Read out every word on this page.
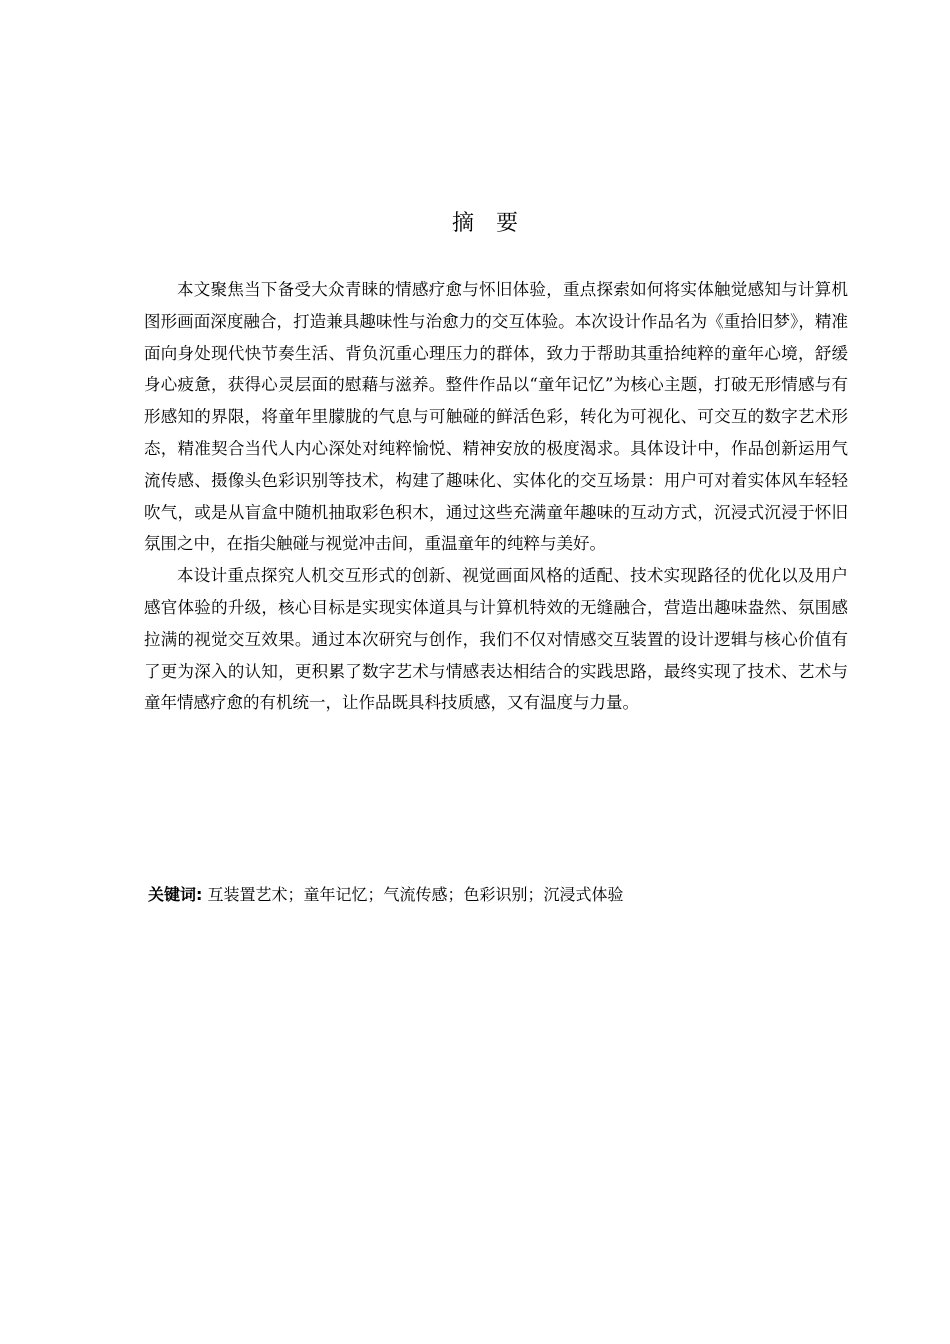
摘　要

本文聚焦当下备受大众青睐的情感疗愈与怀旧体验，重点探索如何将实体触觉感知与计算机图形画面深度融合，打造兼具趣味性与治愈力的交互体验。本次设计作品名为《重拾旧梦》，精准面向身处现代快节奏生活、背负沉重心理压力的群体，致力于帮助其重拾纯粹的童年心境，舒缓身心疲惫，获得心灵层面的慰藉与滋养。整件作品以“童年记忆”为核心主题，打破无形情感与有形感知的界限，将童年里朦胧的气息与可触碰的鲜活色彩，转化为可视化、可交互的数字艺术形态，精准契合当代人内心深处对纯粹愉悦、精神安放的极度渴求。具体设计中，作品创新运用气流传感、摄像头色彩识别等技术，构建了趣味化、实体化的交互场景：用户可对着实体风车轻轻吹气，或是从盲盒中随机抽取彩色积木，通过这些充满童年趣味的互动方式，沉浸式沉浸于怀旧氛围之中，在指尖触碰与视觉冲击间，重温童年的纯粹与美好。

本设计重点探究人机交互形式的创新、视觉画面风格的适配、技术实现路径的优化以及用户感官体验的升级，核心目标是实现实体道具与计算机特效的无缝融合，营造出趣味盎然、氛围感拉满的视觉交互效果。通过本次研究与创作，我们不仅对情感交互装置的设计逻辑与核心价值有了更为深入的认知，更积累了数字艺术与情感表达相结合的实践思路，最终实现了技术、艺术与童年情感疗愈的有机统一，让作品既具科技质感，又有温度与力量。

关键词: 互装置艺术；童年记忆；气流传感；色彩识别；沉浸式体验
